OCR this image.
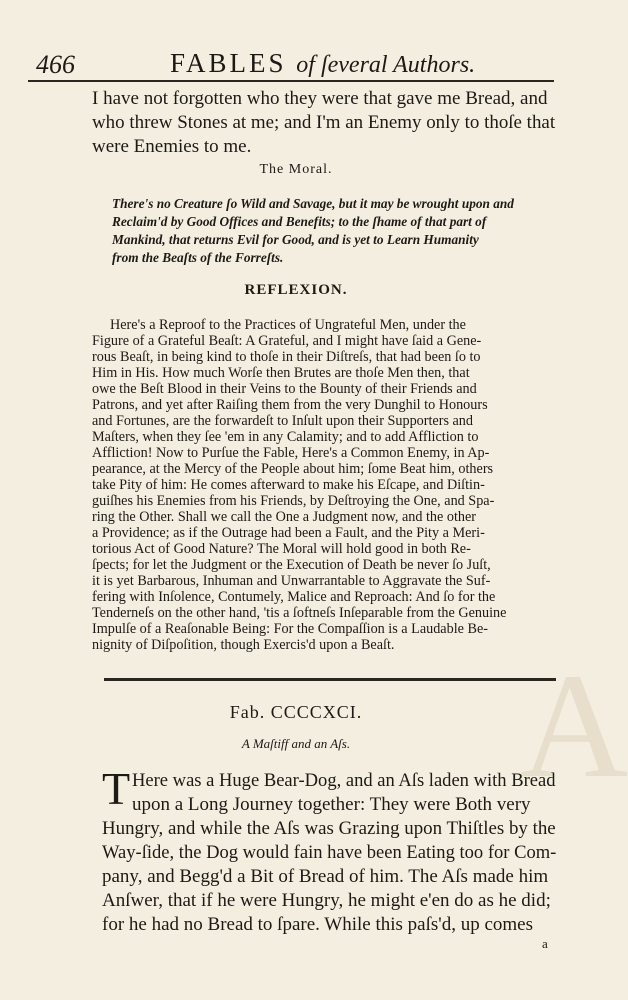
A
466	FABLES of ſeveral Authors.
I have not forgotten who they were that gave me Bread, and
who threw Stones at me; and I'm an Enemy only to thoſe that
were Enemies to me.
The Moral.
There's no Creature ſo Wild and Savage, but it may be wrought upon and
Reclaim'd by Good Offices and Benefits; to the ſhame of that part of
Mankind, that returns Evil for Good, and is yet to Learn Humanity
from the Beaſts of the Forreſts.
REFLEXION.
Here's a Reproof to the Practices of Ungrateful Men, under the
Figure of a Grateful Beaſt: A Grateful, and I might have ſaid a Gene-
rous Beaſt, in being kind to thoſe in their Diſtreſs, that had been ſo to
Him in His. How much Worſe then Brutes are thoſe Men then, that
owe the Beſt Blood in their Veins to the Bounty of their Friends and
Patrons, and yet after Raiſing them from the very Dunghil to Honours
and Fortunes, are the forwardeſt to Inſult upon their Supporters and
Maſters, when they ſee 'em in any Calamity; and to add Affliction to
Affliction! Now to Purſue the Fable, Here's a Common Enemy, in Ap-
pearance, at the Mercy of the People about him; ſome Beat him, others
take Pity of him: He comes afterward to make his Eſcape, and Diſtin-
guiſhes his Enemies from his Friends, by Deſtroying the One, and Spa-
ring the Other. Shall we call the One a Judgment now, and the other
a Providence; as if the Outrage had been a Fault, and the Pity a Meri-
torious Act of Good Nature? The Moral will hold good in both Re-
ſpects; for let the Judgment or the Execution of Death be never ſo Juſt,
it is yet Barbarous, Inhuman and Unwarrantable to Aggravate the Suf-
fering with Inſolence, Contumely, Malice and Reproach: And ſo for the
Tenderneſs on the other hand, 'tis a ſoftneſs Inſeparable from the Genuine
Impulſe of a Reaſonable Being: For the Compaſſion is a Laudable Be-
nignity of Diſpoſition, though Exercis'd upon a Beaſt.
Fab. CCCCXCI.
A Maſtiff and an Aſs.
T Here was a Huge Bear-Dog, and an Aſs laden with Bread
upon a Long Journey together: They were Both very
Hungry, and while the Aſs was Grazing upon Thiſtles by the
Way-ſide, the Dog would fain have been Eating too for Com-
pany, and Begg'd a Bit of Bread of him. The Aſs made him
Anſwer, that if he were Hungry, he might e'en do as he did;
for he had no Bread to ſpare. While this paſs'd, up comes
a
